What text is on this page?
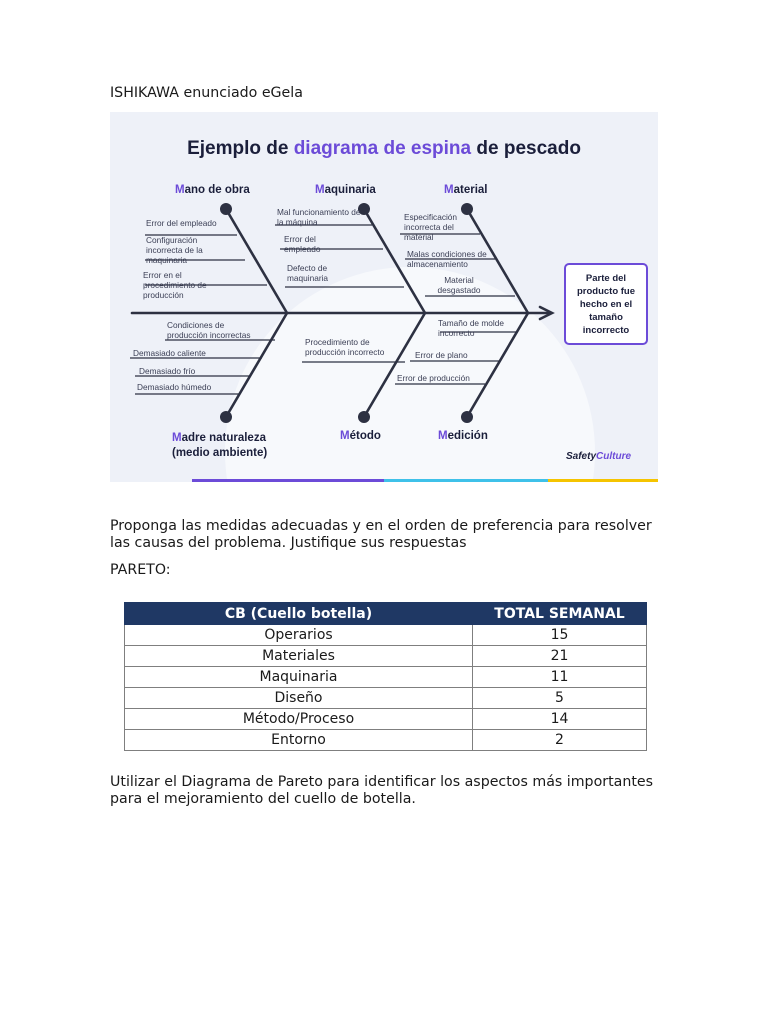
ISHIKAWA enunciado eGela

Ejemplo de diagrama de espina de pescado
Mano de obra	Maquinaria	Material
Madre naturaleza
(medio ambiente)
Método	Medición
Error del empleado
Configuración incorrecta de la maquinaria
Error en el procedimiento de producción
Mal funcionamiento de la máquina
Error del empleado
Defecto de maquinaria
Especificación incorrecta del material
Malas condiciones de almacenamiento
Material desgastado
Condiciones de producción incorrectas
Demasiado caliente
Demasiado frío
Demasiado húmedo
Procedimiento de producción incorrecto
Tamaño de molde incorrecto
Error de plano
Error de producción
Parte del producto fue hecho en el tamaño incorrecto
SafetyCulture

Proponga las medidas adecuadas y en el orden de preferencia para resolver las causas del problema. Justifique sus respuestas

PARETO:

CB (Cuello botella)	TOTAL SEMANAL
Operarios	15
Materiales	21
Maquinaria	11
Diseño	5
Método/Proceso	14
Entorno	2

Utilizar el Diagrama de Pareto para identificar los aspectos más importantes para el mejoramiento del cuello de botella.
